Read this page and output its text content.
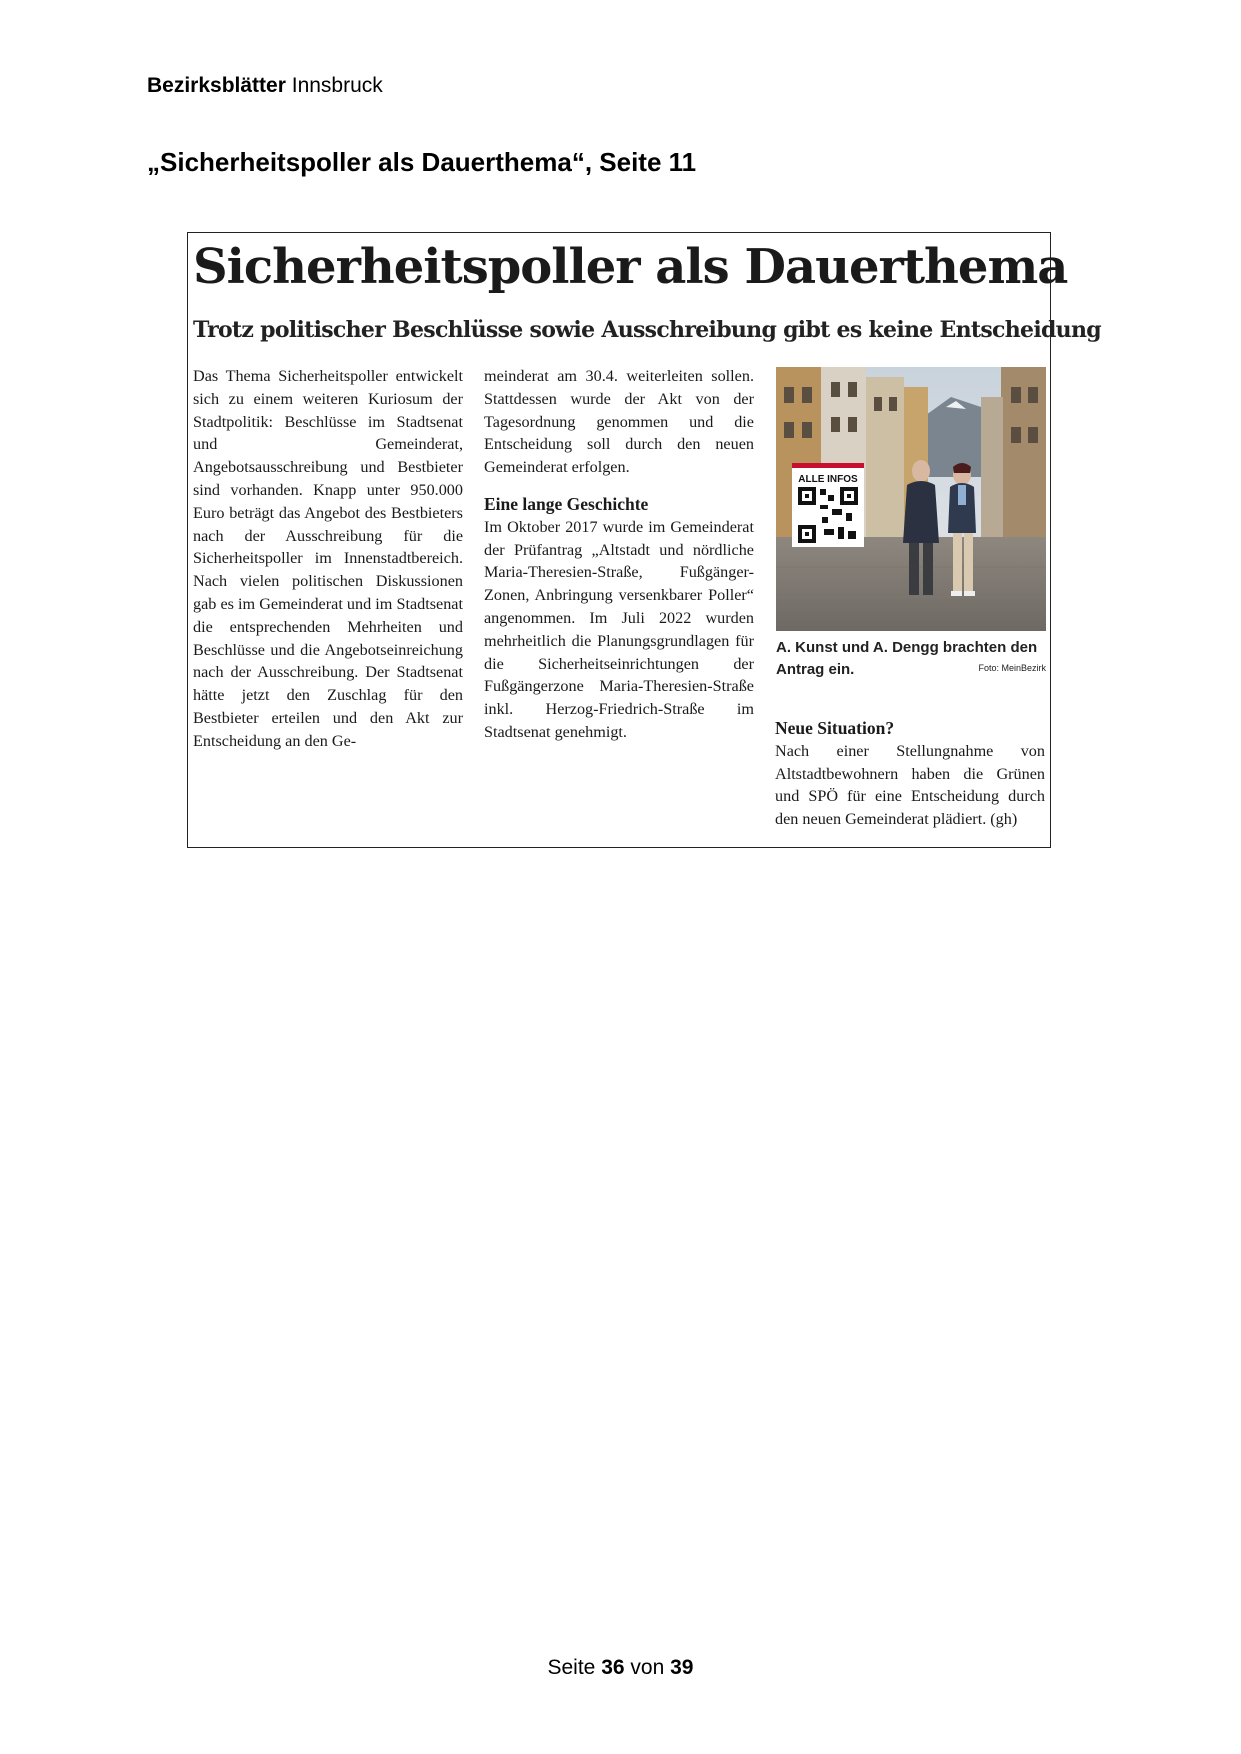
Bezirksblätter Innsbruck
„Sicherheitspoller als Dauerthema“, Seite 11
Sicherheitspoller als Dauerthema
Trotz politischer Beschlüsse sowie Ausschreibung gibt es keine Entscheidung
Das Thema Sicherheitspoller entwickelt sich zu einem weiteren Kuriosum der Stadtpolitik: Beschlüsse im Stadtsenat und Gemeinderat, Angebotsausschreibung und Bestbieter sind vorhanden. Knapp unter 950.000 Euro beträgt das Angebot des Bestbieters nach der Ausschreibung für die Sicherheitspoller im Innenstadtbereich. Nach vielen politischen Diskussionen gab es im Gemeinderat und im Stadtsenat die entsprechenden Mehrheiten und Beschlüsse und die Angebotseinreichung nach der Ausschreibung. Der Stadtsenat hätte jetzt den Zuschlag für den Bestbieter erteilen und den Akt zur Entscheidung an den Ge-
meinderat am 30.4. weiterleiten sollen. Stattdessen wurde der Akt von der Tagesordnung genommen und die Entscheidung soll durch den neuen Gemeinderat erfolgen.
Eine lange Geschichte
Im Oktober 2017 wurde im Gemeinderat der Prüfantrag „Altstadt und nördliche Maria-Theresien-Straße, Fußgänger-Zonen, Anbringung versenkbarer Poller“ angenommen. Im Juli 2022 wurden mehrheitlich die Planungsgrundlagen für die Sicherheitseinrichtungen der Fußgängerzone Maria-Theresien-Straße inkl. Herzog-Friedrich-Straße im Stadtsenat genehmigt.
ALLE INFOS
A. Kunst und A. Dengg brachten den Antrag ein.	Foto: MeinBezirk
Neue Situation?
Nach einer Stellungnahme von Altstadtbewohnern haben die Grünen und SPÖ für eine Entscheidung durch den neuen Gemeinderat plädiert. (gh)
Seite 36 von 39
